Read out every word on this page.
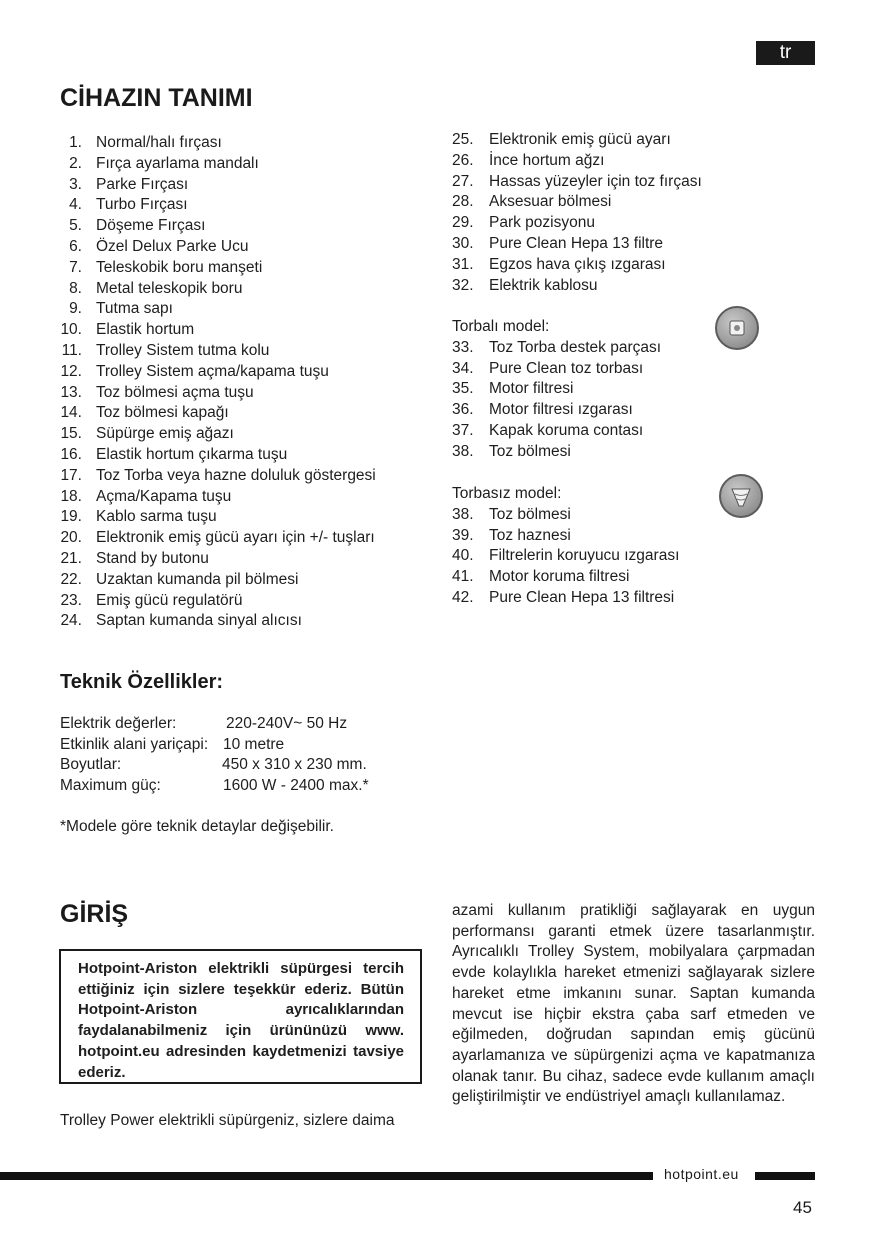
tr
CİHAZIN TANIMI
1. Normal/halı fırçası
2. Fırça ayarlama mandalı
3. Parke Fırçası
4. Turbo Fırçası
5. Döşeme Fırçası
6. Özel Delux Parke Ucu
7. Teleskobik boru manşeti
8. Metal teleskopik boru
9. Tutma sapı
10. Elastik hortum
11. Trolley Sistem tutma kolu
12. Trolley Sistem açma/kapama tuşu
13. Toz bölmesi açma tuşu
14. Toz bölmesi kapağı
15. Süpürge emiş ağazı
16. Elastik hortum çıkarma tuşu
17. Toz Torba veya hazne doluluk göstergesi
18. Açma/Kapama tuşu
19. Kablo sarma tuşu
20. Elektronik emiş gücü ayarı için +/- tuşları
21. Stand by butonu
22. Uzaktan kumanda pil bölmesi
23. Emiş gücü regulatörü
24. Saptan kumanda sinyal alıcısı
25. Elektronik emiş gücü ayarı
26. İnce hortum ağzı
27. Hassas yüzeyler için toz fırçası
28. Aksesuar bölmesi
29. Park pozisyonu
30. Pure Clean Hepa 13 filtre
31. Egzos hava çıkış ızgarası
32. Elektrik kablosu
Torbalı model:
33. Toz Torba destek parçası
34. Pure Clean toz torbası
35. Motor filtresi
36. Motor filtresi ızgarası
37. Kapak koruma contası
38. Toz bölmesi
Torbasız model:
38. Toz bölmesi
39. Toz haznesi
40. Filtrelerin koruyucu ızgarası
41. Motor koruma filtresi
42. Pure Clean Hepa 13 filtresi
Teknik Özellikler:
Elektrik değerler:	220-240V~ 50 Hz
Etkinlik alani yariçapi: 10 metre
Boyutlar:	450 x 310 x 230 mm.
Maximum güç:	1600 W - 2400 max.*
*Modele göre teknik detaylar değişebilir.
GİRİŞ
Hotpoint-Ariston elektrikli süpürgesi tercih ettiğiniz için sizlere teşekkür ederiz. Bütün Hotpoint-Ariston ayrıcalıklarından faydalanabilmeniz için ürününüzü www. hotpoint.eu adresinden kaydetmenizi tavsiye ederiz.
Trolley Power elektrikli süpürgeniz, sizlere daima
azami kullanım pratikliği sağlayarak en uygun performansı garanti etmek üzere tasarlanmıştır. Ayrıcalıklı Trolley System, mobilyalara çarpmadan evde kolaylıkla hareket etmenizi sağlayarak sizlere hareket etme imkanını sunar. Saptan kumanda mevcut ise hiçbir ekstra çaba sarf etmeden ve eğilmeden, doğrudan sapından emiş gücünü ayarlamanıza ve süpürgenizi açma ve kapatmanıza olanak tanır. Bu cihaz, sadece evde kullanım amaçlı geliştirilmiştir ve endüstriyel amaçlı kullanılamaz.
hotpoint.eu
45
